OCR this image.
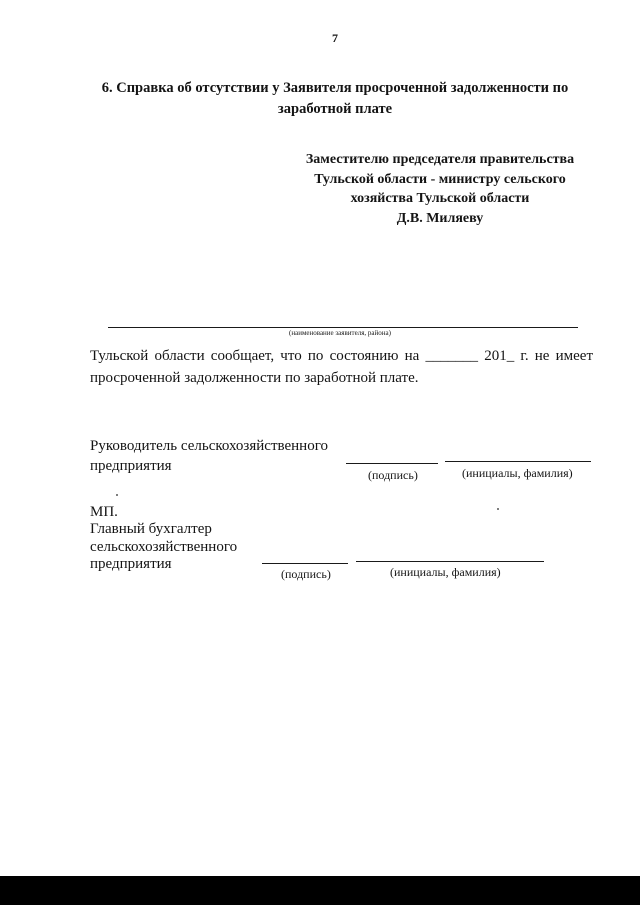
7
6. Справка об отсутствии у Заявителя просроченной задолженности по
заработной плате
Заместителю председателя правительства
Тульской области - министру сельского
хозяйства Тульской области
Д.В. Миляеву
(наименование заявителя, района)
Тульской области сообщает, что по состоянию на _______ 201_ г. не имеет
просроченной задолженности по заработной плате.
Руководитель сельскохозяйственного
предприятия
(подпись)	(инициалы, фамилия)
МП.
Главный бухгалтер
сельскохозяйственного
предприятия
(подпись)	(инициалы, фамилия)
